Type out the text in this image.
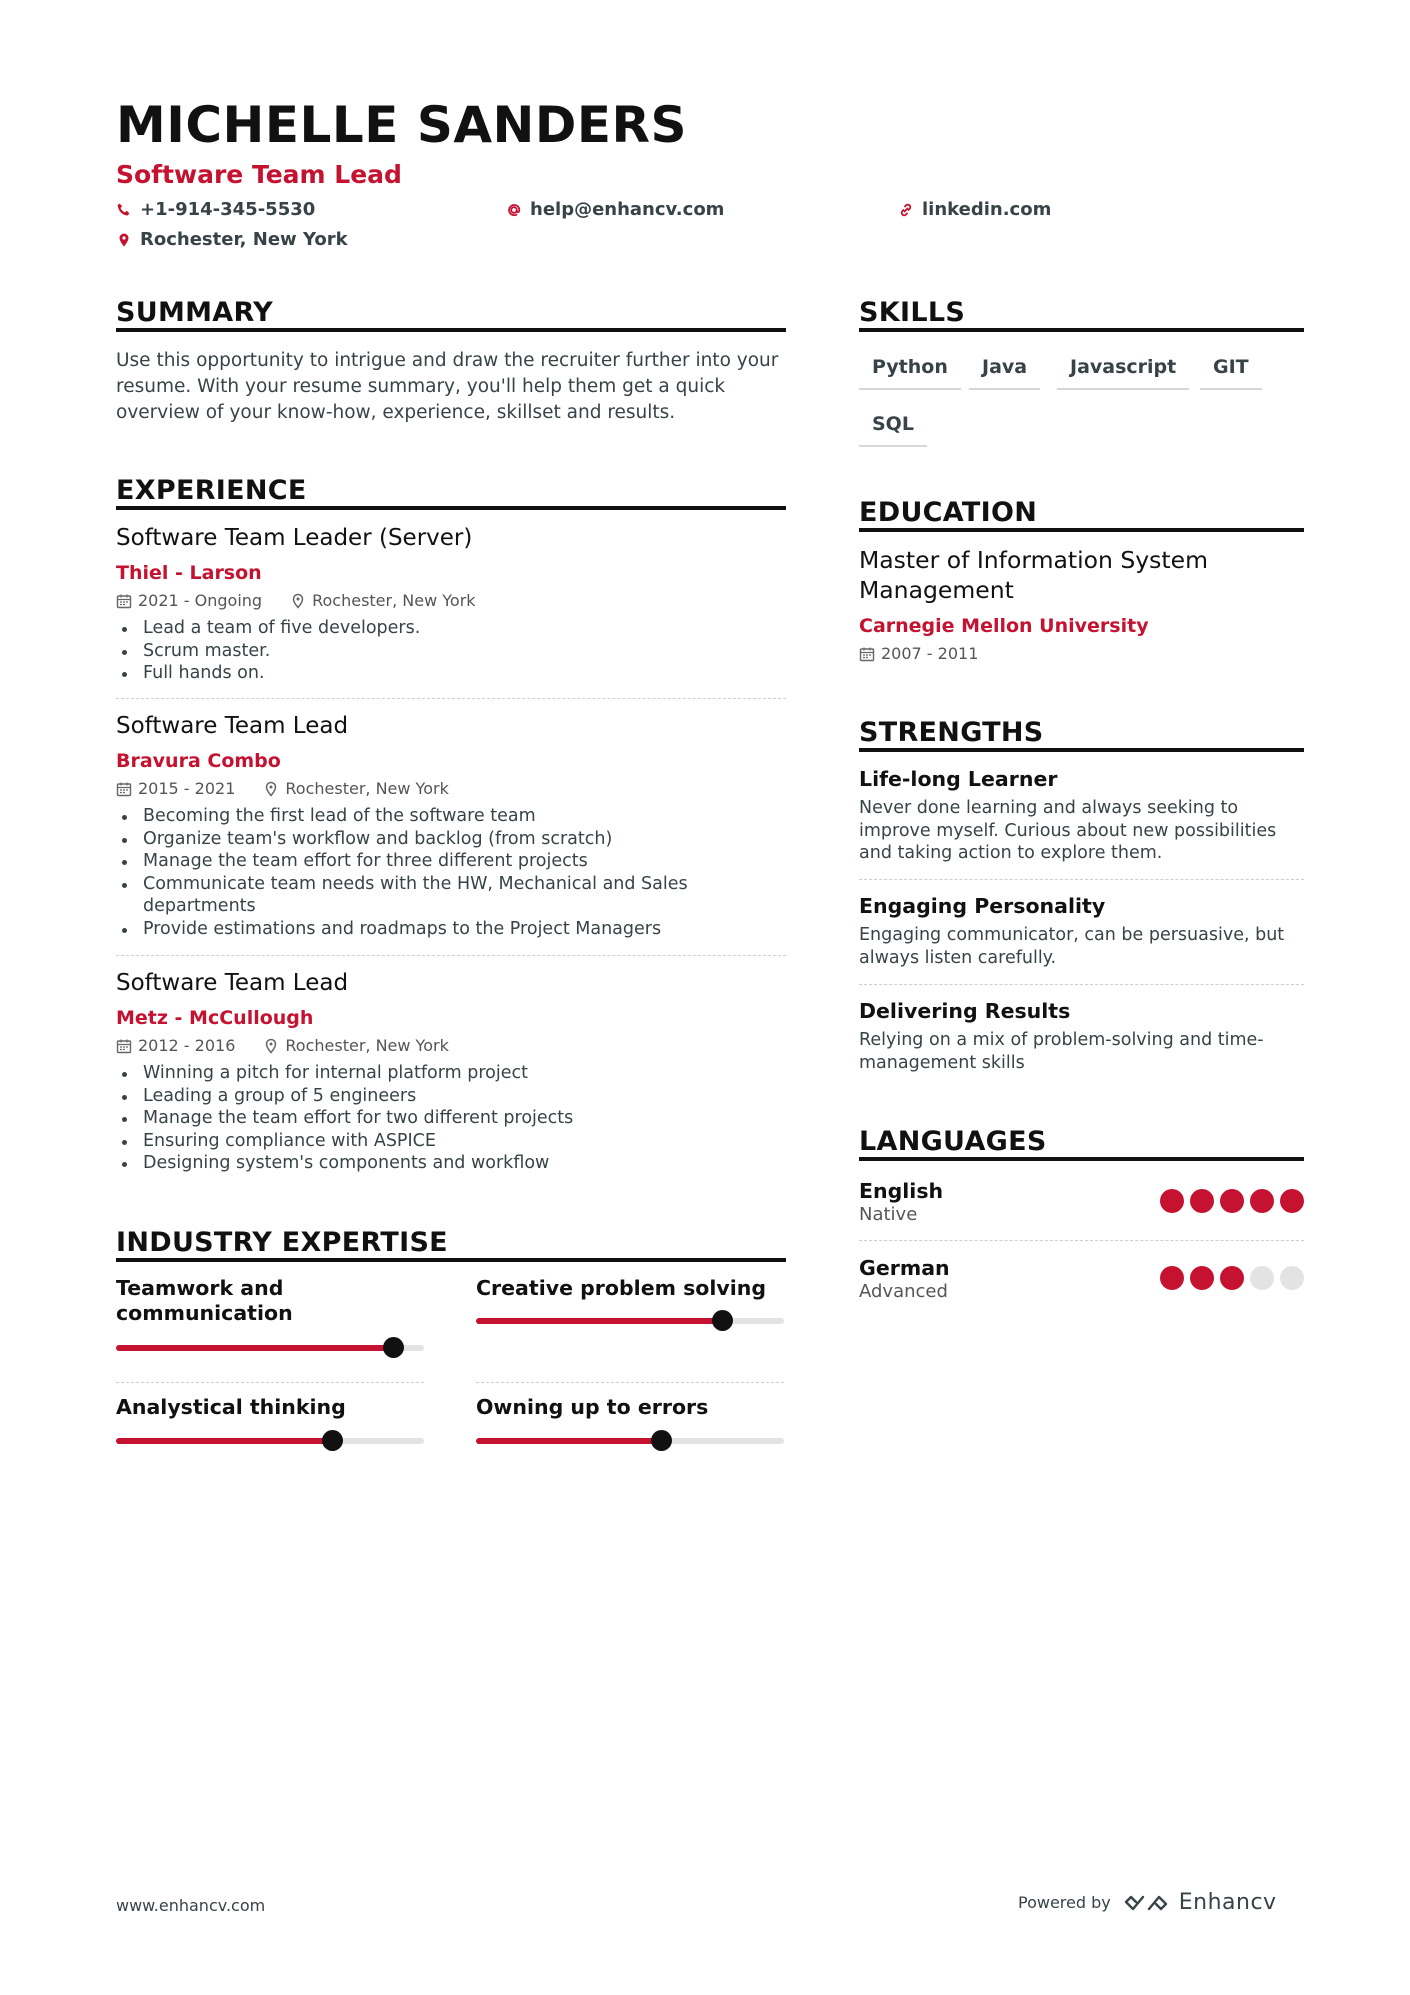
MICHELLE SANDERS
Software Team Lead
+1-914-345-5530	help@enhancv.com	linkedin.com
Rochester, New York
SUMMARY
Use this opportunity to intrigue and draw the recruiter further into your resume. With your resume summary, you'll help them get a quick overview of your know-how, experience, skillset and results.
EXPERIENCE
Software Team Leader (Server)
Thiel - Larson
2021 - Ongoing	Rochester, New York
Lead a team of five developers.
Scrum master.
Full hands on.
Software Team Lead
Bravura Combo
2015 - 2021	Rochester, New York
Becoming the first lead of the software team
Organize team's workflow and backlog (from scratch)
Manage the team effort for three different projects
Communicate team needs with the HW, Mechanical and Sales departments
Provide estimations and roadmaps to the Project Managers
Software Team Lead
Metz - McCullough
2012 - 2016	Rochester, New York
Winning a pitch for internal platform project
Leading a group of 5 engineers
Manage the team effort for two different projects
Ensuring compliance with ASPICE
Designing system's components and workflow
INDUSTRY EXPERTISE
Teamwork and communication
Creative problem solving
Analystical thinking	Owning up to errors
SKILLS
Python	Java	Javascript	GIT
SQL
EDUCATION
Master of Information System Management
Carnegie Mellon University
2007 - 2011
STRENGTHS
Life-long Learner
Never done learning and always seeking to improve myself. Curious about new possibilities and taking action to explore them.
Engaging Personality
Engaging communicator, can be persuasive, but always listen carefully.
Delivering Results
Relying on a mix of problem-solving and time-management skills
LANGUAGES
English
Native
German
Advanced
www.enhancv.com	Powered by	Enhancv
